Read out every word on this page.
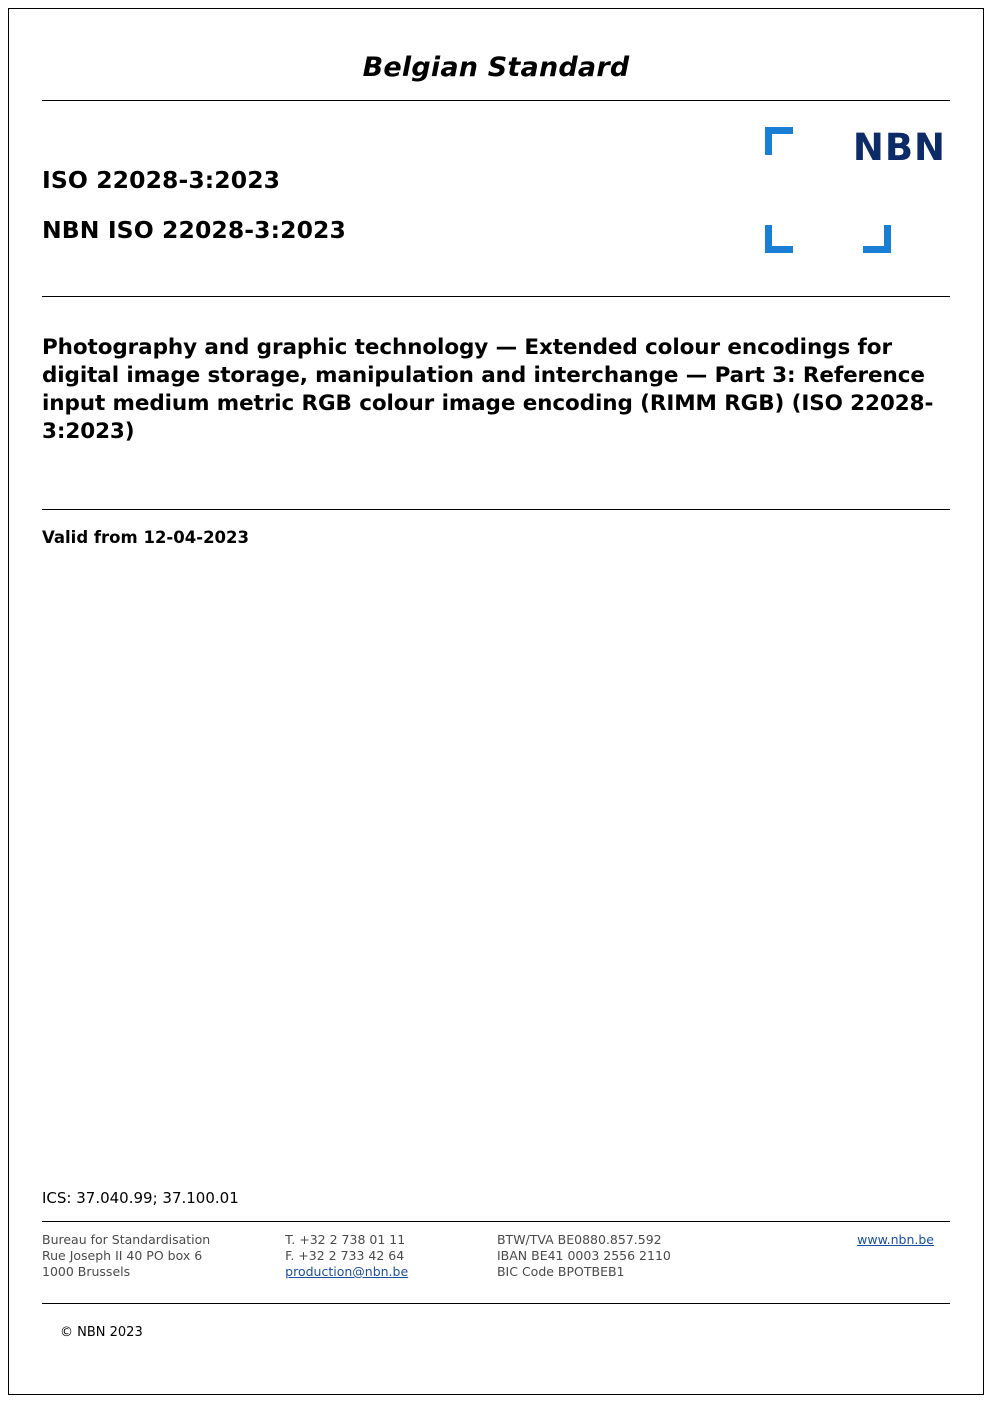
Belgian Standard
ISO 22028-3:2023
NBN ISO 22028-3:2023
NBN
Photography and graphic technology — Extended colour encodings for digital image storage, manipulation and interchange — Part 3: Reference input medium metric RGB colour image encoding (RIMM RGB) (ISO 22028-3:2023)
Valid from 12-04-2023
ICS: 37.040.99; 37.100.01
Bureau for Standardisation
Rue Joseph II 40 PO box 6
1000 Brussels
T. +32 2 738 01 11
F. +32 2 733 42 64
production@nbn.be
BTW/TVA BE0880.857.592
IBAN BE41 0003 2556 2110
BIC Code BPOTBEB1
www.nbn.be
© NBN 2023
